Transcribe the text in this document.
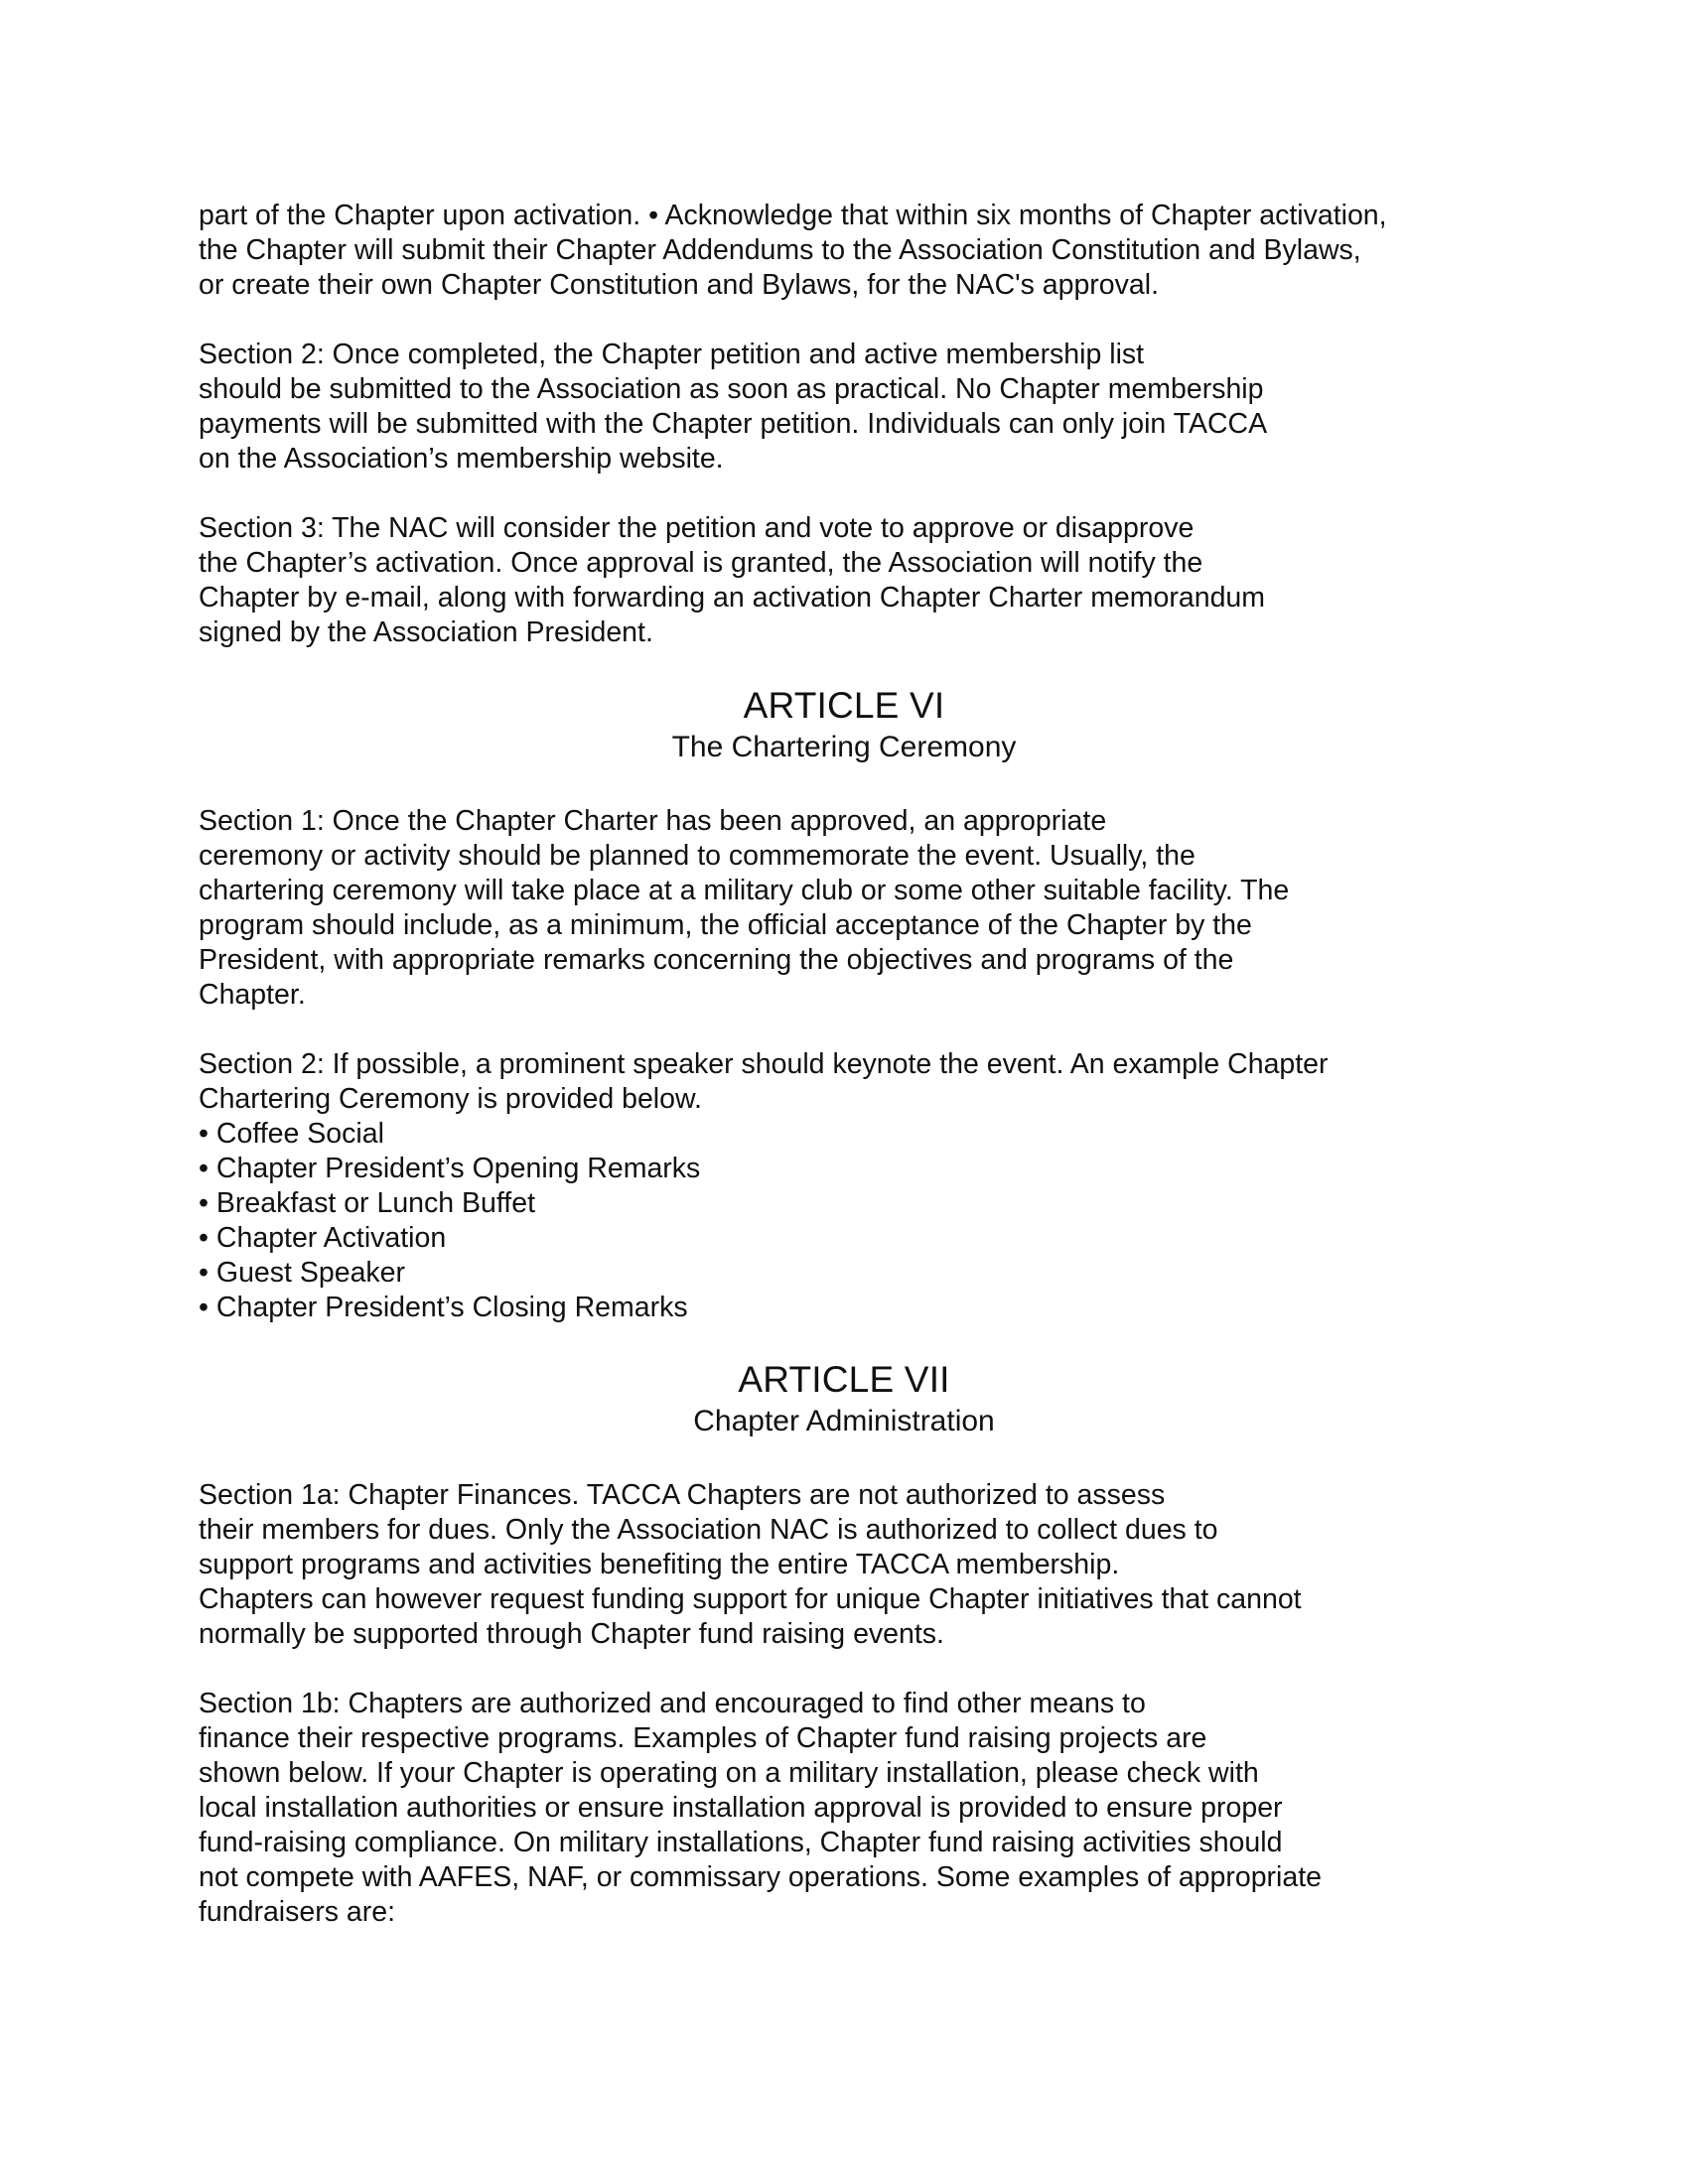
part of the Chapter upon activation. • Acknowledge that within six months of Chapter activation,
the Chapter will submit their Chapter Addendums to the Association Constitution and Bylaws,
or create their own Chapter Constitution and Bylaws, for the NAC's approval.

Section 2: Once completed, the Chapter petition and active membership list
should be submitted to the Association as soon as practical. No Chapter membership
payments will be submitted with the Chapter petition. Individuals can only join TACCA
on the Association’s membership website.

Section 3: The NAC will consider the petition and vote to approve or disapprove
the Chapter’s activation. Once approval is granted, the Association will notify the
Chapter by e-mail, along with forwarding an activation Chapter Charter memorandum
signed by the Association President.

ARTICLE VI
The Chartering Ceremony

Section 1: Once the Chapter Charter has been approved, an appropriate
ceremony or activity should be planned to commemorate the event. Usually, the
chartering ceremony will take place at a military club or some other suitable facility. The
program should include, as a minimum, the official acceptance of the Chapter by the
President, with appropriate remarks concerning the objectives and programs of the
Chapter.

Section 2: If possible, a prominent speaker should keynote the event. An example Chapter
Chartering Ceremony is provided below.

• Coffee Social
• Chapter President’s Opening Remarks
• Breakfast or Lunch Buffet
• Chapter Activation
• Guest Speaker
• Chapter President’s Closing Remarks
ARTICLE VII
Chapter Administration

Section 1a: Chapter Finances. TACCA Chapters are not authorized to assess
their members for dues. Only the Association NAC is authorized to collect dues to
support programs and activities benefiting the entire TACCA membership.
Chapters can however request funding support for unique Chapter initiatives that cannot
normally be supported through Chapter fund raising events.

Section 1b: Chapters are authorized and encouraged to find other means to
finance their respective programs. Examples of Chapter fund raising projects are
shown below. If your Chapter is operating on a military installation, please check with
local installation authorities or ensure installation approval is provided to ensure proper
fund-raising compliance. On military installations, Chapter fund raising activities should
not compete with AAFES, NAF, or commissary operations. Some examples of appropriate
fundraisers are:
